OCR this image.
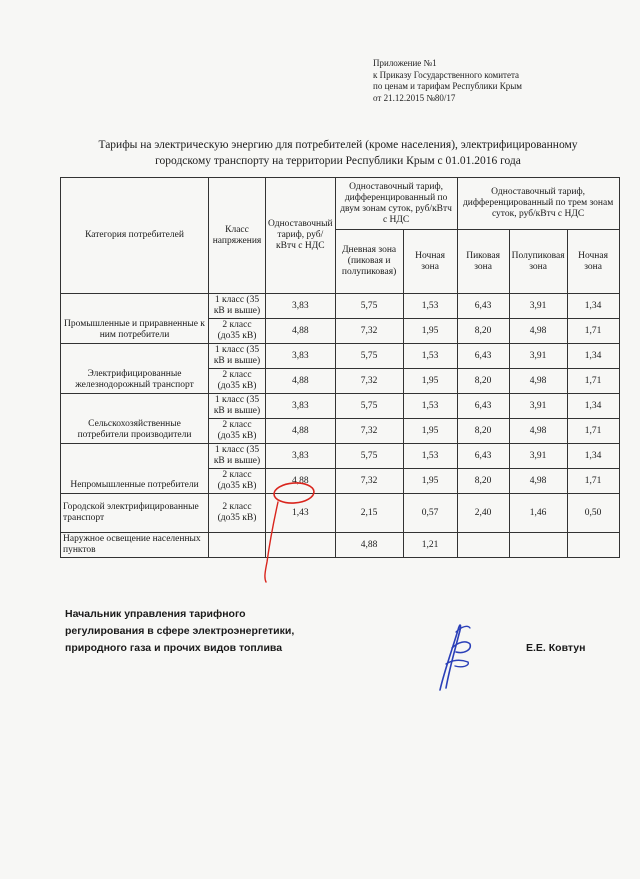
Приложение №1
к Приказу Государственного комитета
по ценам и тарифам Республики Крым
от 21.12.2015 №80/17
Тарифы на электрическую энергию для потребителей (кроме населения), электрифицированному
городскому транспорту на территории Республики Крым с 01.01.2016 года
Категория потребителей	Класс напряжения	Одноставочный тариф, руб/кВтч с НДС	Одноставочный тариф, дифференцированный по двум зонам суток, руб/кВтч с НДС		Одноставочный тариф, дифференцированный по трем зонам суток, руб/кВтч с НДС		
			Дневная зона (пиковая и полупиковая)	Ночная зона	Пиковая зона	Полупиковая зона	Ночная зона
Промышленные и приравненные к ним потребители	1 класс (35 кВ и выше)	3,83	5,75	1,53	6,43	3,91	1,34
	2 класс (до35 кВ)	4,88	7,32	1,95	8,20	4,98	1,71
Электрифицированные железнодорожный транспорт	1 класс (35 кВ и выше)	3,83	5,75	1,53	6,43	3,91	1,34
	2 класс (до35 кВ)	4,88	7,32	1,95	8,20	4,98	1,71
Сельскохозяйственные потребители производители	1 класс (35 кВ и выше)	3,83	5,75	1,53	6,43	3,91	1,34
	2 класс (до35 кВ)	4,88	7,32	1,95	8,20	4,98	1,71
Непромышленные потребители	1 класс (35 кВ и выше)	3,83	5,75	1,53	6,43	3,91	1,34
	2 класс (до35 кВ)	4,88	7,32	1,95	8,20	4,98	1,71
Городской электрифицированные транспорт	2 класс (до35 кВ)	1,43	2,15	0,57	2,40	1,46	0,50
Наружное освещение населенных пунктов			4,88	1,21			
Начальник управления тарифного
регулирования в сфере электроэнергетики,
природного газа и прочих видов топлива	Е.Е. Ковтун
